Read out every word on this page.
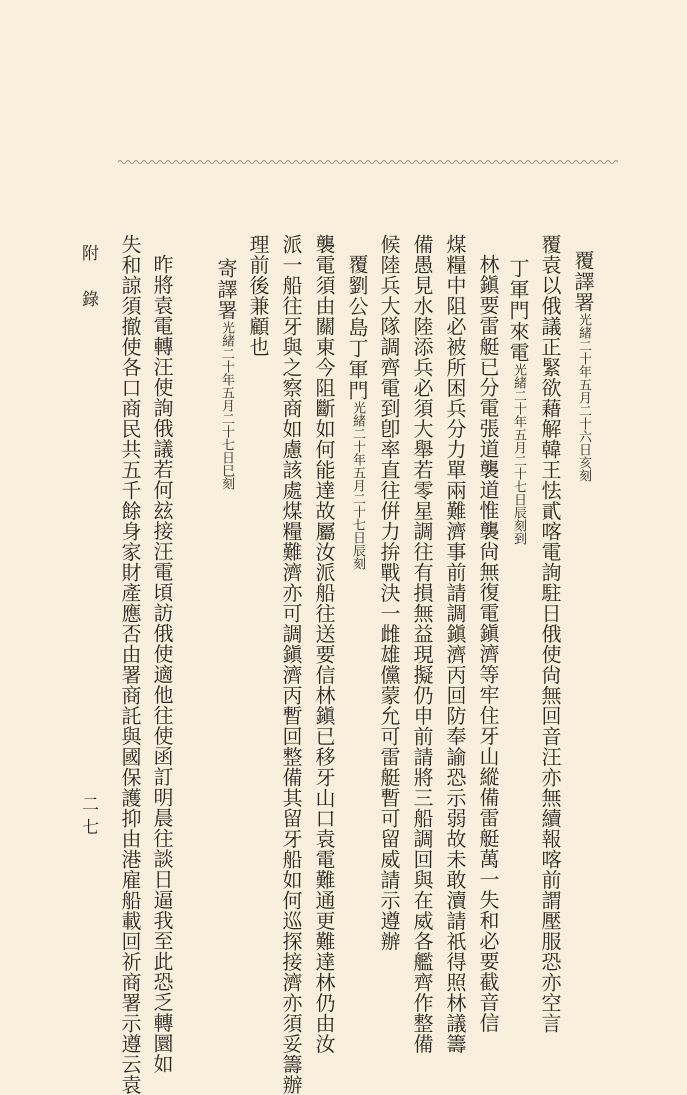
覆譯署光緒二十年五月二十六日亥刻
覆袁以俄議正緊欲藉解韓王怯貳喀電詢駐日俄使尙無回音汪亦無續報喀前謂壓服恐亦空言
丁軍門來電光緒二十年五月二十七日辰刻到
林鎭要雷艇已分電張道襲道惟襲尙無復電鎭濟等牢住牙山縱備雷艇萬一失和必要截音信
煤糧中阻必被所困兵分力單兩難濟事前請調鎭濟丙回防奉諭恐示弱故未敢瀆請祇得照林議籌
備愚見水陸添兵必須大舉若零星調往有損無益現擬仍申前請將三船調回與在威各艦齊作整備
候陸兵大隊調齊電到卽率直往倂力拚戰決一雌雄儻蒙允可雷艇暫可留威請示遵辦
覆劉公島丁軍門光緒二十年五月二十七日辰刻
襲電須由關東今阻斷如何能達故屬汝派船往送要信林鎭已移牙山口袁電難通更難達林仍由汝
派一船往牙與之察商如慮該處煤糧難濟亦可調鎭濟丙暫回整備其留牙船如何巡探接濟亦須妥籌辦
理前後兼顧也
寄譯署光緒二十年五月二十七日巳刻
昨將袁電轉汪使詢俄議若何玆接汪電頃訪俄使適他往使函訂明晨往談日逼我至此恐乏轉圜如
失和諒須撤使各口商民共五千餘身家財產應否由署商託與國保護抑由港雇船載回祈商署示遵云袁
附　錄
二七
